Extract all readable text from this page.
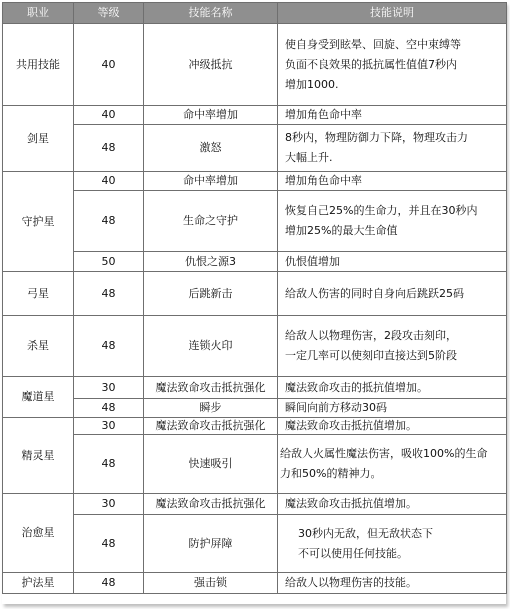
职业	等级	技能名称	技能说明
共用技能	40	冲级抵抗	使自身受到眩晕、回旋、空中束缚等
负面不良效果的抵抗属性值值7秒内
增加1000.

剑星	40	命中率增加	增加角色命中率
	48	激怒	8秒内，物理防御力下降，物理攻击力
大幅上升.

守护星	40	命中率增加	增加角色命中率
	48	生命之守护	恢复自己25%的生命力，并且在30秒内
增加25%的最大生命值

	50	仇恨之源3	仇恨值增加
弓星	48	后跳新击	给敌人伤害的同时自身向后跳跃25码
杀星	48	连锁火印	给敌人以物理伤害，2段攻击刻印，
一定几率可以使刻印直接达到5阶段

魔道星	30	魔法致命攻击抵抗强化	魔法致命攻击的抵抗值增加。
	48	瞬步	瞬间向前方移动30码
精灵星	30	魔法致命攻击抵抗强化	魔法致命攻击抵抗值增加。
	48	快速吸引	给敌人火属性魔法伤害，吸收100%的生命
力和50%的精神力。

治愈星	30	魔法致命攻击抵抗强化	魔法致命攻击抵抗值增加。
	48	防护屏障	30秒内无敌，但无敌状态下
不可以使用任何技能。

护法星	48	强击锁	给敌人以物理伤害的技能。
